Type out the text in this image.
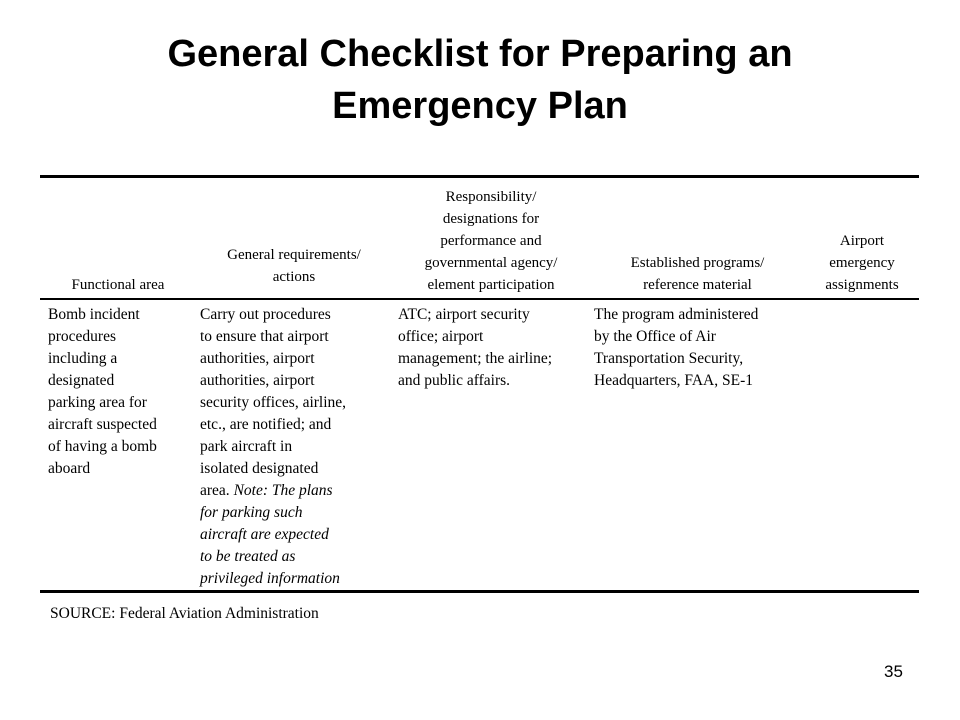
General Checklist for Preparing an
Emergency Plan
Functional area
General requirements/
actions
Responsibility/
designations for
performance and
governmental agency/
element participation
Established programs/
reference material
Airport
emergency
assignments
Bomb incident
procedures
including a
designated
parking area for
aircraft suspected
of having a bomb
aboard
Carry out procedures
to ensure that airport
authorities, airport
authorities, airport
security offices, airline,
etc., are notified; and
park aircraft in
isolated designated
area. Note: The plans
for parking such
aircraft are expected
to be treated as
privileged information
ATC; airport security
office; airport
management; the airline;
and public affairs.
The program administered
by the Office of Air
Transportation Security,
Headquarters, FAA, SE-1
SOURCE: Federal Aviation Administration
35
